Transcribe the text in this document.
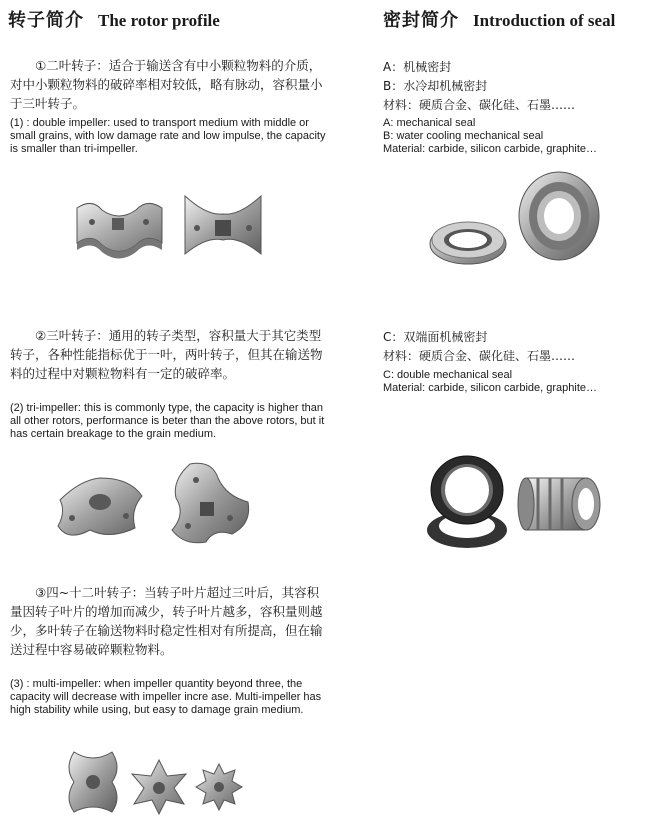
转子简介 The rotor profile
①二叶转子：适合于输送含有中小颗粒物料的介质，对中小颗粒物料的破碎率相对较低，略有脉动，容积量小于三叶转子。
(1) : double impeller: used to transport medium with middle or small grains, with low damage rate and low impulse, the capacity is smaller than tri-impeller.
②三叶转子：通用的转子类型，容积量大于其它类型转子，各种性能指标优于一叶，两叶转子，但其在输送物料的过程中对颗粒物料有一定的破碎率。
(2) tri-impeller: this is commonly type, the capacity is higher than all other rotors, performance is beter than the above rotors, but it has certain breakage to the grain medium.
③四~十二叶转子：当转子叶片超过三叶后，其容积量因转子叶片的增加而减少，转子叶片越多，容积量则越少，多叶转子在输送物料时稳定性相对有所提高，但在输送过程中容易破碎颗粒物料。
(3) : multi-impeller: when impeller quantity beyond three, the capacity will decrease with impeller incre ase. Multi-impeller has high stability while using, but easy to damage grain medium.
密封简介 Introduction of seal
A：机械密封
B：水冷却机械密封
材料：硬质合金、碳化硅、石墨……
A: mechanical seal
B: water cooling mechanical seal
Material: carbide, silicon carbide, graphite…
C：双端面机械密封
材料：硬质合金、碳化硅、石墨……
C: double mechanical seal
Material: carbide, silicon carbide, graphite…
